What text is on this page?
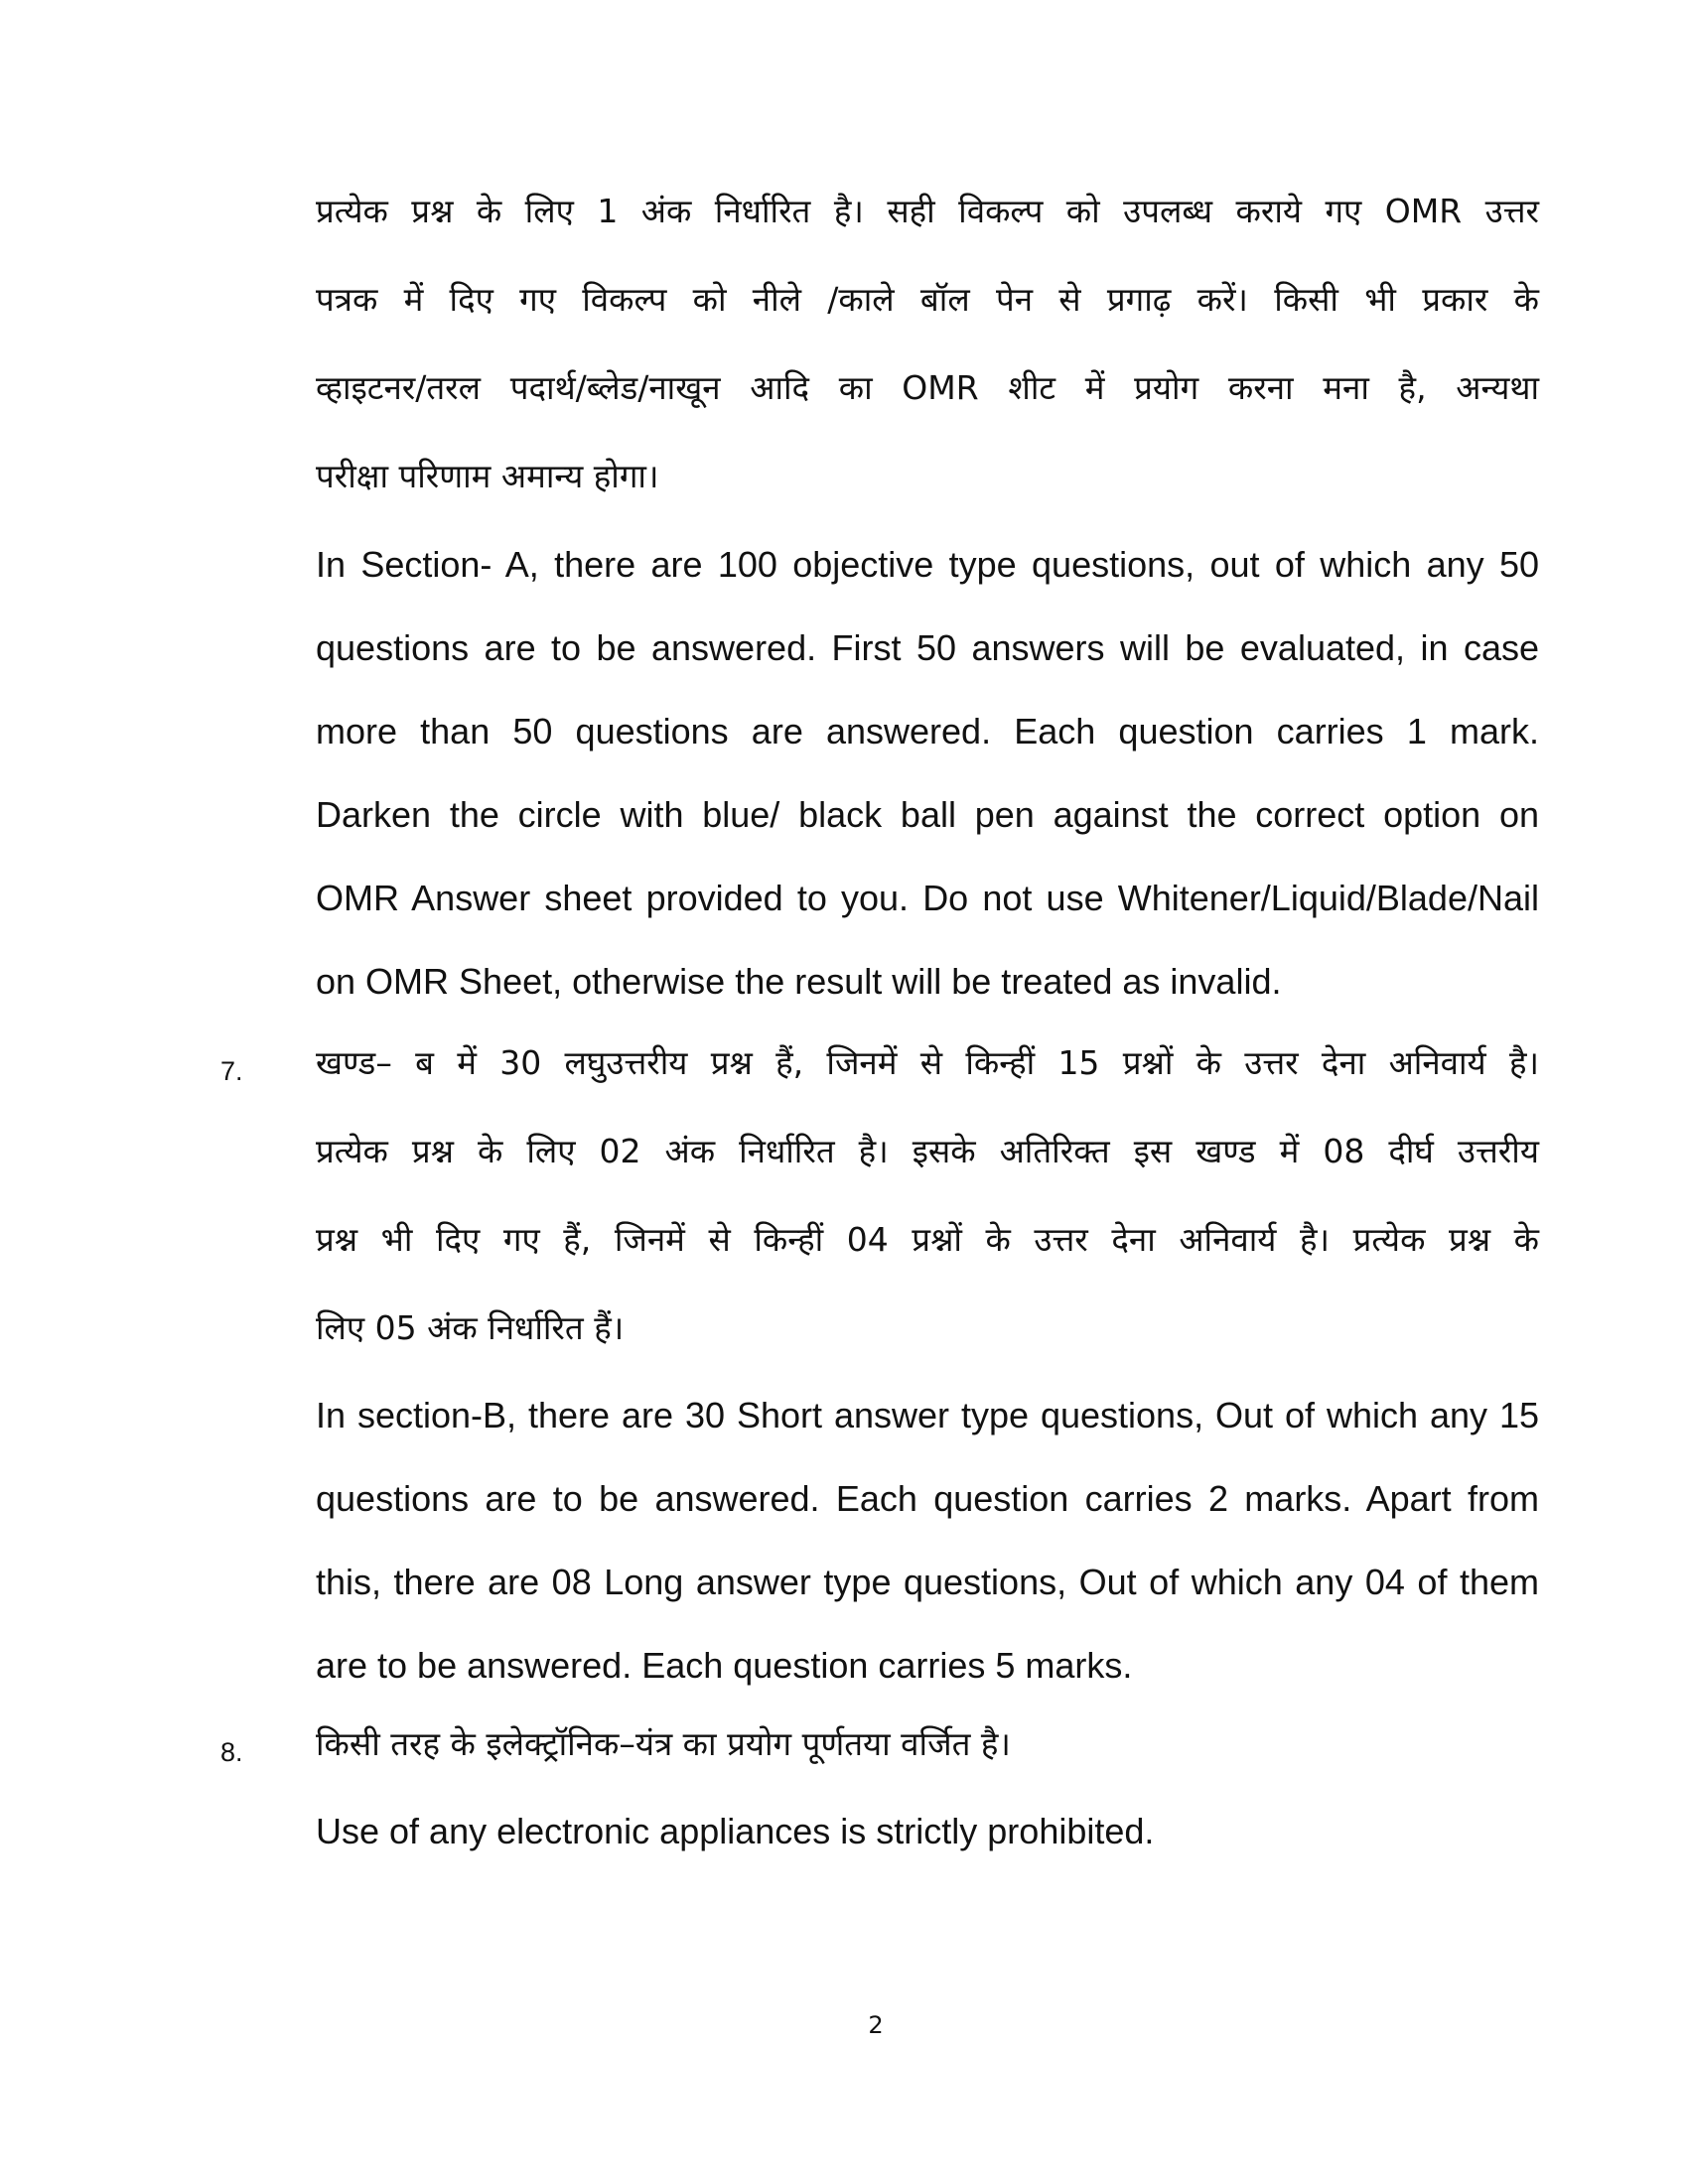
प्रत्येक प्रश्न के लिए 1 अंक निर्धारित है। सही विकल्प को उपलब्ध कराये गए OMR उत्तर
पत्रक में दिए गए विकल्प को नीले /काले बॉल पेन से प्रगाढ़ करें। किसी भी प्रकार के
व्हाइटनर/तरल पदार्थ/ब्लेड/नाखून आदि का OMR शीट में प्रयोग करना मना है, अन्यथा
परीक्षा परिणाम अमान्य होगा।
In Section- A, there are 100 objective type questions, out of which any 50
questions are to be answered. First 50 answers will be evaluated, in case
more than 50 questions are answered. Each question carries 1 mark.
Darken the circle with blue/ black ball pen against the correct option on
OMR Answer sheet provided to you. Do not use Whitener/Liquid/Blade/Nail
on OMR Sheet, otherwise the result will be treated as invalid.
7. खण्ड– ब में 30 लघुउत्तरीय प्रश्न हैं, जिनमें से किन्हीं 15 प्रश्नों के उत्तर देना अनिवार्य है।
प्रत्येक प्रश्न के लिए 02 अंक निर्धारित है। इसके अतिरिक्त इस खण्ड में 08 दीर्घ उत्तरीय
प्रश्न भी दिए गए हैं, जिनमें से किन्हीं 04 प्रश्नों के उत्तर देना अनिवार्य है। प्रत्येक प्रश्न के
लिए 05 अंक निर्धारित हैं।
In section-B, there are 30 Short answer type questions, Out of which any 15
questions are to be answered. Each question carries 2 marks. Apart from
this, there are 08 Long answer type questions, Out of which any 04 of them
are to be answered. Each question carries 5 marks.
8. किसी तरह के इलेक्ट्रॉनिक–यंत्र का प्रयोग पूर्णतया वर्जित है।
Use of any electronic appliances is strictly prohibited.
2
